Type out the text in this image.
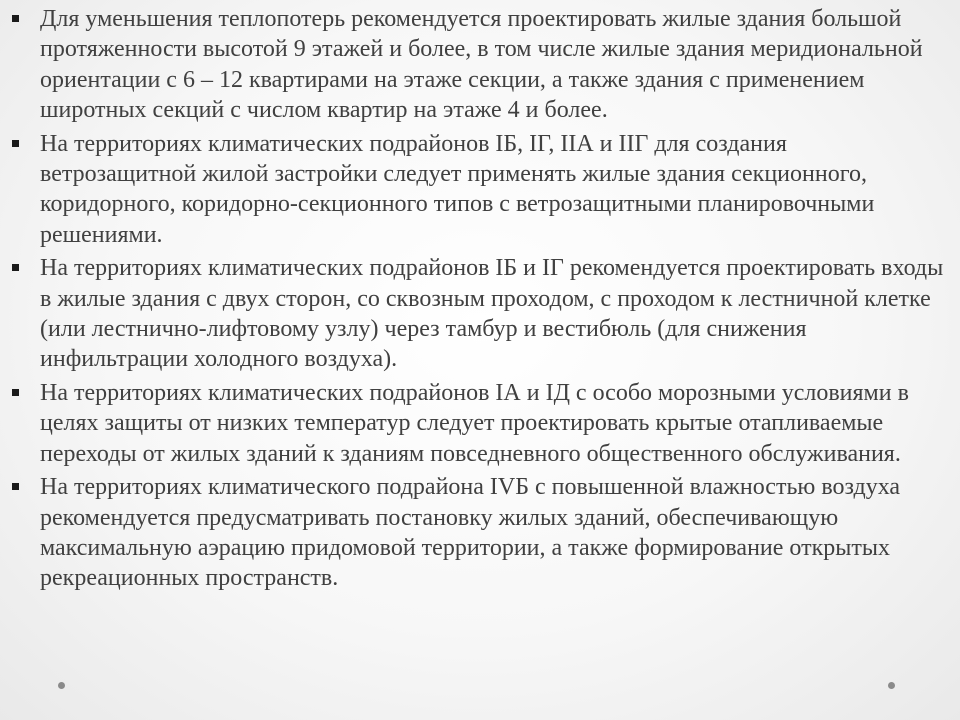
Для уменьшения теплопотерь рекомендуется проектировать жилые здания большой протяженности высотой 9 этажей и более, в том числе жилые здания меридиональной ориентации с 6 – 12 квартирами на этаже секции, а также здания с применением широтных секций с числом квартир на этаже 4 и более.
На территориях климатических подрайонов IБ, IГ, IIА и IIГ для создания ветрозащитной жилой застройки следует применять жилые здания секционного, коридорного, коридорно-секционного типов с ветрозащитными планировочными решениями.
На территориях климатических подрайонов IБ и IГ рекомендуется проектировать входы в жилые здания с двух сторон, со сквозным проходом, с проходом к лестничной клетке (или лестнично-лифтовому узлу) через тамбур и вестибюль (для снижения инфильтрации холодного воздуха).
На территориях климатических подрайонов IА и IД с особо морозными условиями в целях защиты от низких температур следует проектировать крытые отапливаемые переходы от жилых зданий к зданиям повседневного общественного обслуживания.
На территориях климатического подрайона IVБ с повышенной влажностью воздуха рекомендуется предусматривать постановку жилых зданий, обеспечивающую максимальную аэрацию придомовой территории, а также формирование открытых рекреационных пространств.
